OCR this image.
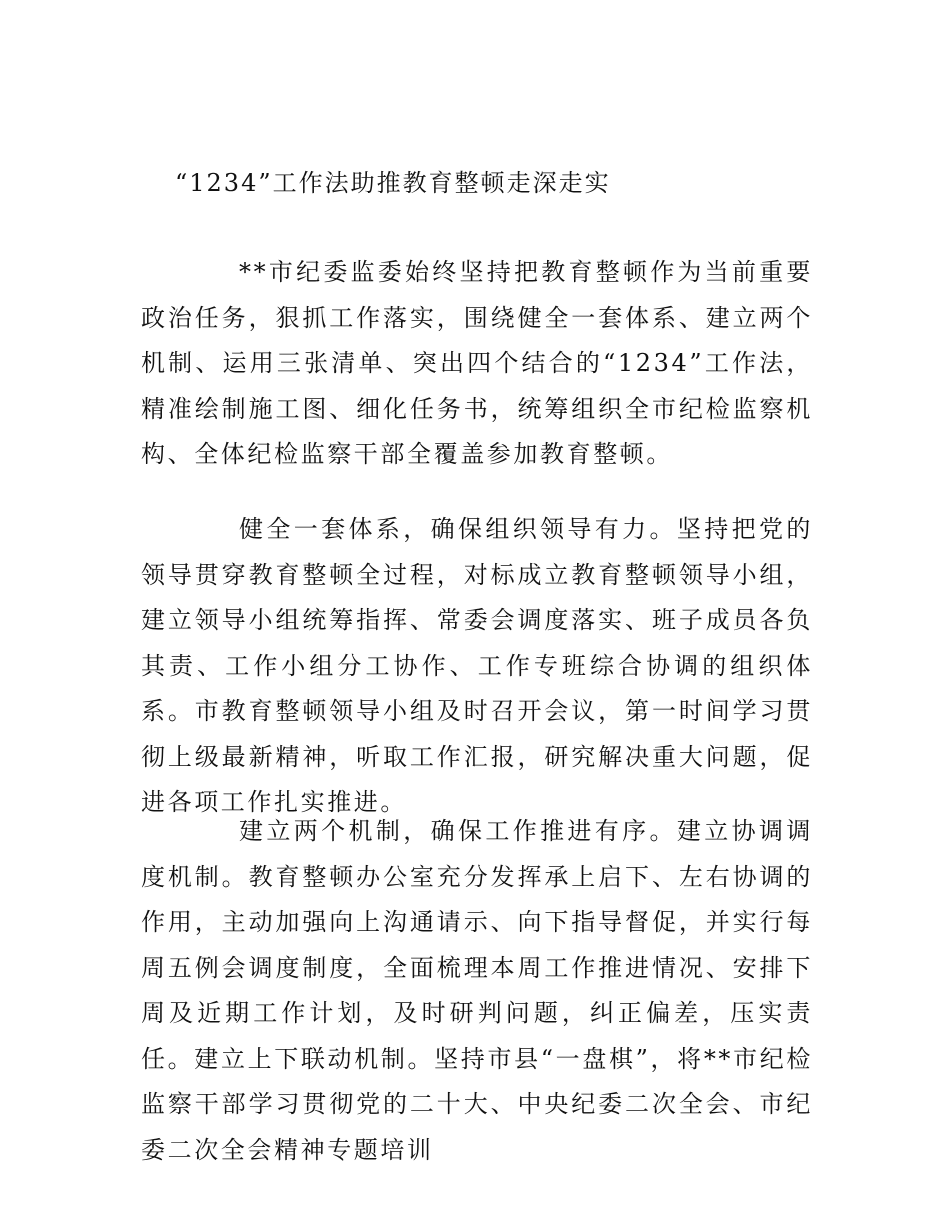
“1234”工作法助推教育整顿走深走实

**市纪委监委始终坚持把教育整顿作为当前重要政治任务，狠抓工作落实，围绕健全一套体系、建立两个机制、运用三张清单、突出四个结合的“1234”工作法，精准绘制施工图、细化任务书，统筹组织全市纪检监察机构、全体纪检监察干部全覆盖参加教育整顿。

健全一套体系，确保组织领导有力。坚持把党的领导贯穿教育整顿全过程，对标成立教育整顿领导小组，建立领导小组统筹指挥、常委会调度落实、班子成员各负其责、工作小组分工协作、工作专班综合协调的组织体系。市教育整顿领导小组及时召开会议，第一时间学习贯彻上级最新精神，听取工作汇报，研究解决重大问题，促进各项工作扎实推进。

建立两个机制，确保工作推进有序。建立协调调度机制。教育整顿办公室充分发挥承上启下、左右协调的作用，主动加强向上沟通请示、向下指导督促，并实行每周五例会调度制度，全面梳理本周工作推进情况、安排下周及近期工作计划，及时研判问题，纠正偏差，压实责任。建立上下联动机制。坚持市县“一盘棋”，将**市纪检监察干部学习贯彻党的二十大、中央纪委二次全会、市纪委二次全会精神专题培训
